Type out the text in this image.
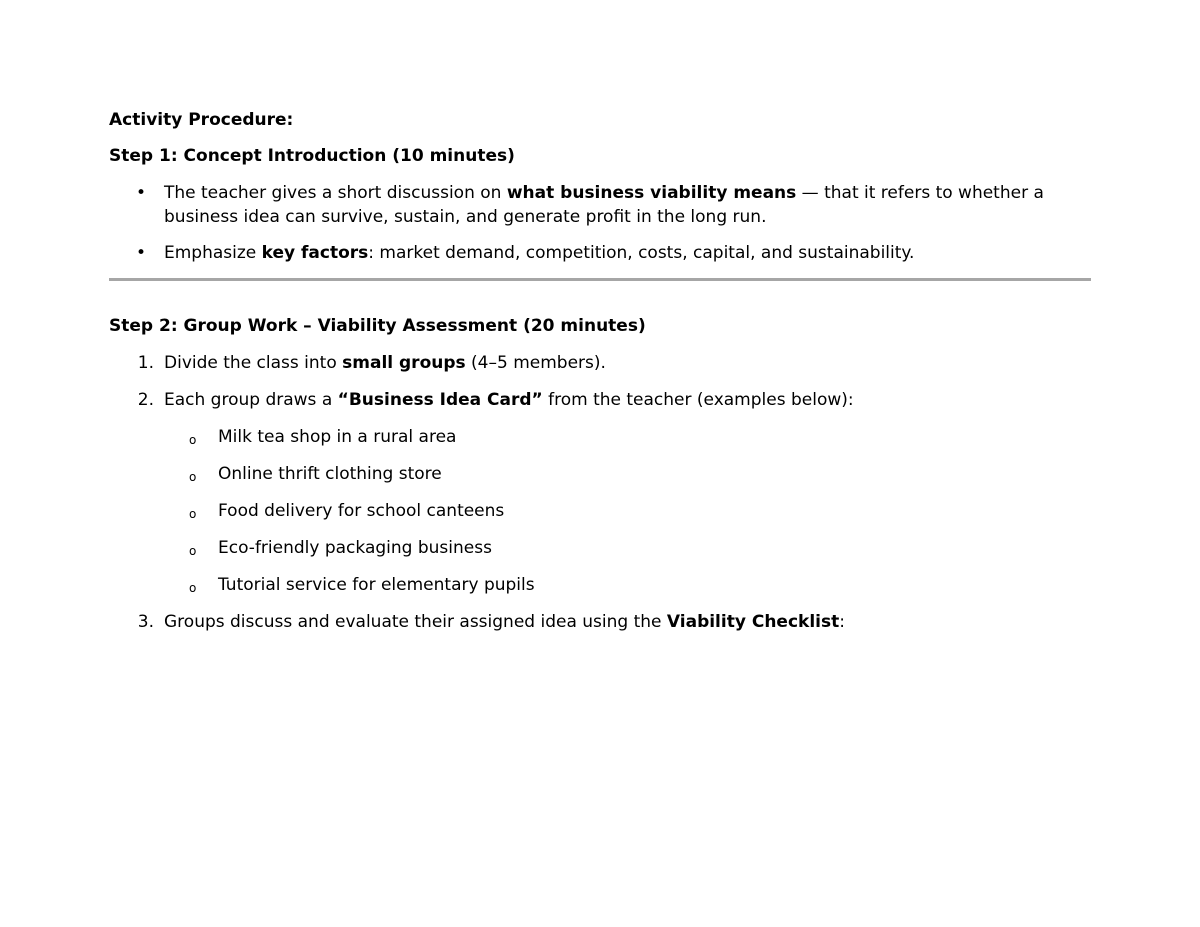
Activity Procedure:

Step 1: Concept Introduction (10 minutes)

• The teacher gives a short discussion on what business viability means — that it refers to whether a business idea can survive, sustain, and generate profit in the long run.
• Emphasize key factors: market demand, competition, costs, capital, and sustainability.

Step 2: Group Work – Viability Assessment (20 minutes)

1. Divide the class into small groups (4–5 members).
2. Each group draws a “Business Idea Card” from the teacher (examples below):
o Milk tea shop in a rural area
o Online thrift clothing store
o Food delivery for school canteens
o Eco-friendly packaging business
o Tutorial service for elementary pupils
3. Groups discuss and evaluate their assigned idea using the Viability Checklist:
